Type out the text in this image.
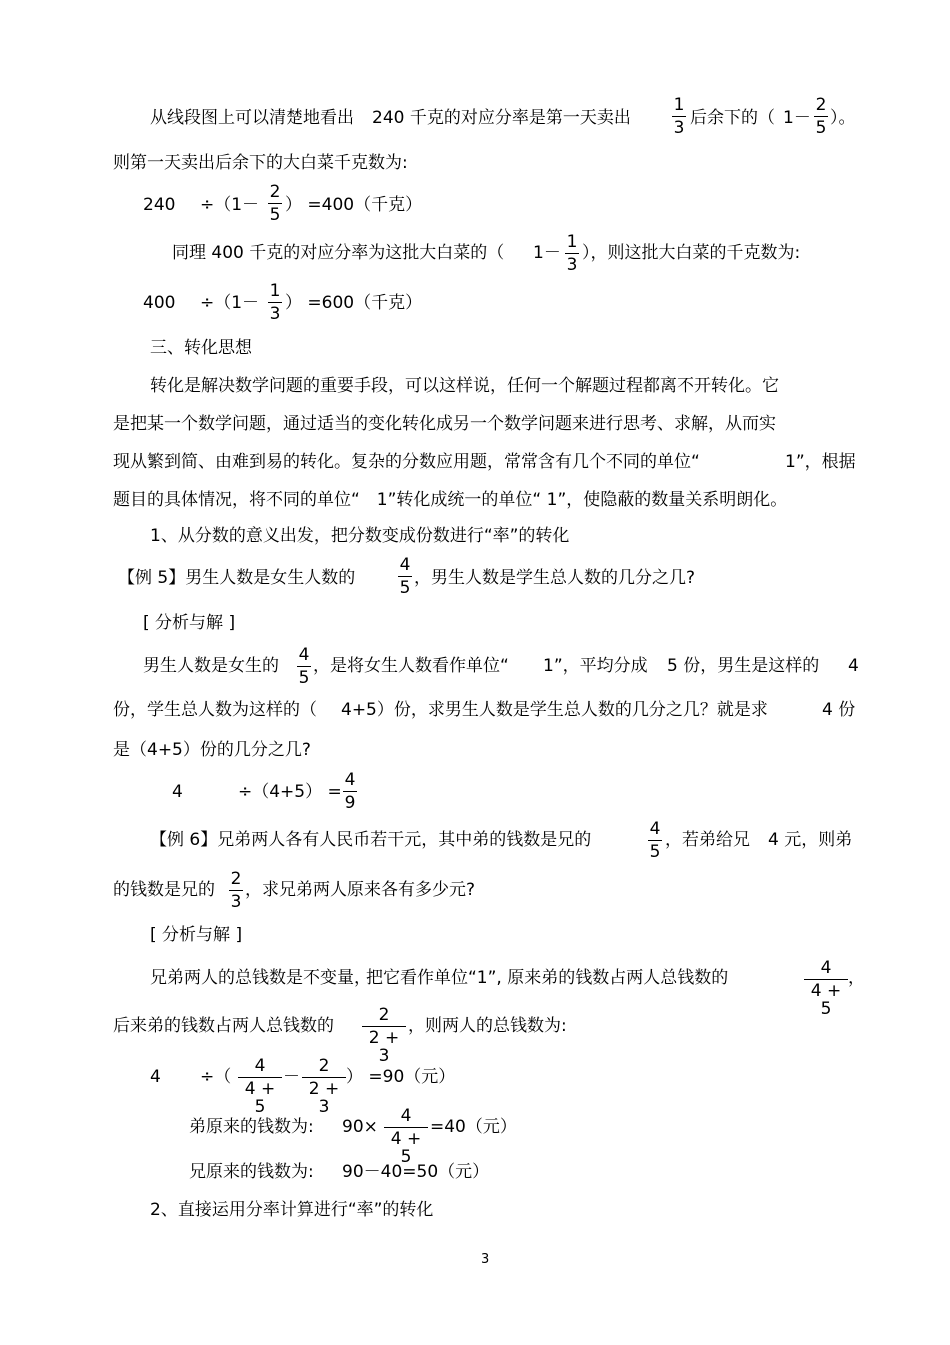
从线段图上可以清楚地看出 240 千克的对应分率是第一天卖出
1
3 后余下的（ 1－
2
5 ）。
则第一天卖出后余下的大白菜千克数为:
240 ÷（1－
2
5 ） =400（千克）
同理 400 千克的对应分率为这批大白菜的（ 1－
1
3
），则这批大白菜的千克数为:
400 ÷（1－
1
3
） =600（千克）
三、转化思想
转化是解决数学问题的重要手段，可以这样说，任何一个解题过程都离不开转化。它
是把某一个数学问题，通过适当的变化转化成另一个数学问题来进行思考、求解，从而实
现从繁到简、由难到易的转化。复杂的分数应用题，常常含有几个不同的单位“	1”，根据
题目的具体情况，将不同的单位“　1”转化成统一的单位“ 1”，使隐蔽的数量关系明朗化。
1、从分数的意义出发，把分数变成份数进行“率”的转化
【例 5】男生人数是女生人数的
4
5 ，男生人数是学生总人数的几分之几?
[ 分析与解 ]
男生人数是女生的
4
5
，是将女生人数看作单位“ 1”，平均分成 5 份，男生是这样的 4
份，学生总人数为这样的（ 4+5）份，求男生人数是学生总人数的几分之几？就是求	4 份
是（4+5）份的几分之几?
4	÷（4+5） =
4
9
【例 6】兄弟两人各有人民币若干元，其中弟的钱数是兄的
4
5
，若弟给兄 4 元，则弟
的钱数是兄的
2
3
，求兄弟两人原来各有多少元?
[ 分析与解 ]
兄弟两人的总钱数是不变量，
把它看作单位“1”, 原来弟的钱数占两人总钱数的	4
4 + 5
，
后来弟的钱数占两人总钱数的
2
2 + 3
，则两人的总钱数为:
4 ÷（
4
4 + 5
－
2
2 + 3
） =90（元）
弟原来的钱数为: 90×
4
4 + 5
=40（元）
兄原来的钱数为: 90－40=50（元）
2、直接运用分率计算进行“率”的转化
3
